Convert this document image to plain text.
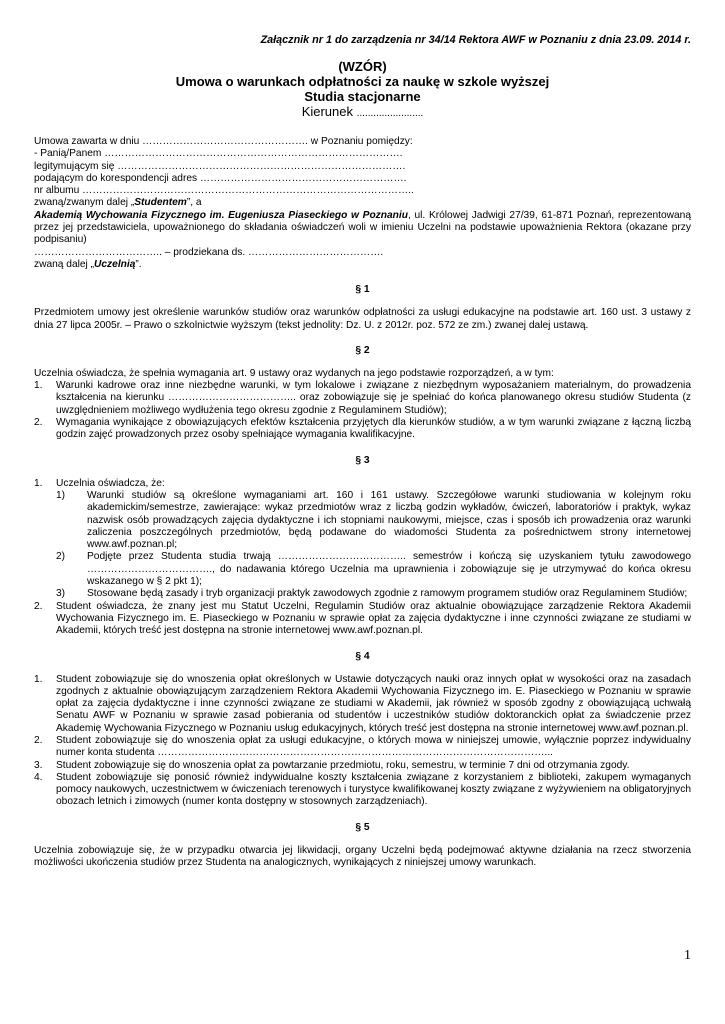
Załącznik nr 1 do zarządzenia nr 34/14 Rektora AWF w Poznaniu z dnia 23.09. 2014 r.
(WZÓR)
Umowa o warunkach odpłatności za naukę w szkole wyższej
Studia stacjonarne
Kierunek ........................
Umowa zawarta w dniu …………………………………………. w Poznaniu pomiędzy:
- Panią/Panem …………………………………………………………………………….
legitymującym się ………………………………………………………………………….
podającym do korespondencji adres …………………………………………………….
nr albumu ……………………………………………………………………………………..
zwaną/zwanym dalej „Studentem”, a
Akademią Wychowania Fizycznego im. Eugeniusza Piaseckiego w Poznaniu, ul. Królowej Jadwigi 27/39, 61-871 Poznań, reprezentowaną przez jej przedstawiciela, upoważnionego do składania oświadczeń woli w imieniu Uczelni na podstawie upoważnienia Rektora (okazane przy podpisaniu)
……………………………….. – prodziekana ds. ………………………………….
zwaną dalej „Uczelnią”.
§ 1
Przedmiotem umowy jest określenie warunków studiów oraz warunków odpłatności za usługi edukacyjne na podstawie art. 160 ust. 3 ustawy z dnia 27 lipca 2005r. – Prawo o szkolnictwie wyższym (tekst jednolity: Dz. U. z 2012r. poz. 572 ze zm.) zwanej dalej ustawą.
§ 2
Uczelnia oświadcza, że spełnia wymagania art. 9 ustawy oraz wydanych na jego podstawie rozporządzeń, a w tym:
1.	Warunki kadrowe oraz inne niezbędne warunki, w tym lokalowe i związane z niezbędnym wyposażaniem materialnym, do prowadzenia kształcenia na kierunku ……………………………….. oraz zobowiązuje się je spełniać do końca planowanego okresu studiów Studenta (z uwzględnieniem możliwego wydłużenia tego okresu zgodnie z Regulaminem Studiów);
2.	Wymagania wynikające z obowiązujących efektów kształcenia przyjętych dla kierunków studiów, a w tym warunki związane z łączną liczbą godzin zajęć prowadzonych przez osoby spełniające wymagania kwalifikacyjne.
§ 3
1.	Uczelnia oświadcza, że:
1)	Warunki studiów są określone wymaganiami art. 160 i 161 ustawy. Szczegółowe warunki studiowania w kolejnym roku akademickim/semestrze, zawierające: wykaz przedmiotów wraz z liczbą godzin wykładów, ćwiczeń, laboratoriów i praktyk, wykaz nazwisk osób prowadzących zajęcia dydaktyczne i ich stopniami naukowymi, miejsce, czas i sposób ich prowadzenia oraz warunki zaliczenia poszczególnych przedmiotów, będą podawane do wiadomości Studenta za pośrednictwem strony internetowej www.awf.poznan.pl;
2)	Podjęte przez Studenta studia trwają ……………………………….. semestrów i kończą się uzyskaniem tytułu zawodowego ………………………………., do nadawania którego Uczelnia ma uprawnienia i zobowiązuje się je utrzymywać do końca okresu wskazanego w § 2 pkt 1);
3)	Stosowane będą zasady i tryb organizacji praktyk zawodowych zgodnie z ramowym programem studiów oraz Regulaminem Studiów;
2.	Student oświadcza, że znany jest mu Statut Uczelni, Regulamin Studiów oraz aktualnie obowiązujące zarządzenie Rektora Akademii Wychowania Fizycznego im. E. Piaseckiego w Poznaniu w sprawie opłat za zajęcia dydaktyczne i inne czynności związane ze studiami w Akademii, których treść jest dostępna na stronie internetowej www.awf.poznan.pl.
§ 4
1.	Student zobowiązuje się do wnoszenia opłat określonych w Ustawie dotyczących nauki oraz innych opłat w wysokości oraz na zasadach zgodnych z aktualnie obowiązującym zarządzeniem Rektora Akademii Wychowania Fizycznego im. E. Piaseckiego w Poznaniu w sprawie opłat za zajęcia dydaktyczne i inne czynności związane ze studiami w Akademii, jak również w sposób zgodny z obowiązującą uchwałą Senatu AWF w Poznaniu w sprawie zasad pobierania od studentów i uczestników studiów doktoranckich opłat za świadczenie przez Akademię Wychowania Fizycznego w Poznaniu usług edukacyjnych, których treść jest dostępna na stronie internetowej www.awf.poznan.pl.
2.	Student zobowiązuje się do wnoszenia opłat za usługi edukacyjne, o których mowa w niniejszej umowie, wyłącznie poprzez indywidualny numer konta studenta ……………………………………………………………………………………………………...
3.	Student zobowiązuje się do wnoszenia opłat za powtarzanie przedmiotu, roku, semestru, w terminie 7 dni od otrzymania zgody.
4.	Student zobowiązuje się ponosić również indywidualne koszty kształcenia związane z korzystaniem z biblioteki, zakupem wymaganych pomocy naukowych, uczestnictwem w ćwiczeniach terenowych i turystyce kwalifikowanej koszty związane z wyżywieniem na obligatoryjnych obozach letnich i zimowych (numer konta dostępny w stosownych zarządzeniach).
§ 5
Uczelnia zobowiązuje się, że w przypadku otwarcia jej likwidacji, organy Uczelni będą podejmować aktywne działania na rzecz stworzenia możliwości ukończenia studiów przez Studenta na analogicznych, wynikających z niniejszej umowy warunkach.
1
